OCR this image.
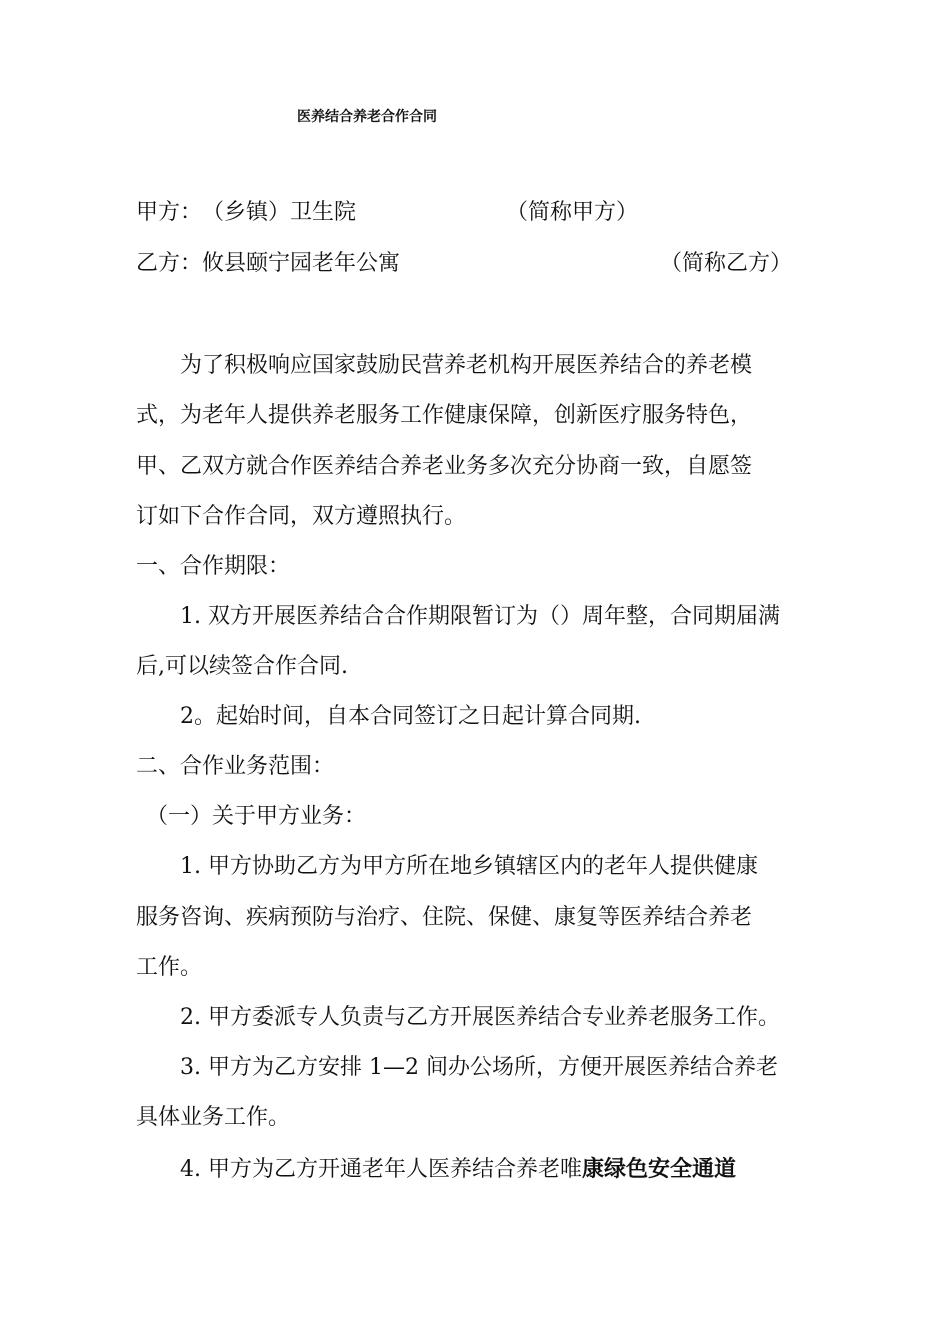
医养结合养老合作合同
甲方：（乡镇）卫生院	（简称甲方）
乙方：攸县颐宁园老年公寓	（简称乙方）
为了积极响应国家鼓励民营养老机构开展医养结合的养老模
式，为老年人提供养老服务工作健康保障，创新医疗服务特色，
甲、乙双方就合作医养结合养老业务多次充分协商一致，自愿签
订如下合作合同，双方遵照执行。
一、合作期限：
1. 双方开展医养结合合作期限暂订为（）周年整，合同期届满
后,可以续签合作合同.
2。起始时间，自本合同签订之日起计算合同期.
二、合作业务范围：
（一）关于甲方业务：
1. 甲方协助乙方为甲方所在地乡镇辖区内的老年人提供健康
服务咨询、疾病预防与治疗、住院、保健、康复等医养结合养老
工作。
2. 甲方委派专人负责与乙方开展医养结合专业养老服务工作。
3. 甲方为乙方安排 1—2 间办公场所，方便开展医养结合养老
具体业务工作。
4. 甲方为乙方开通老年人医养结合养老唯康绿色安全通道
